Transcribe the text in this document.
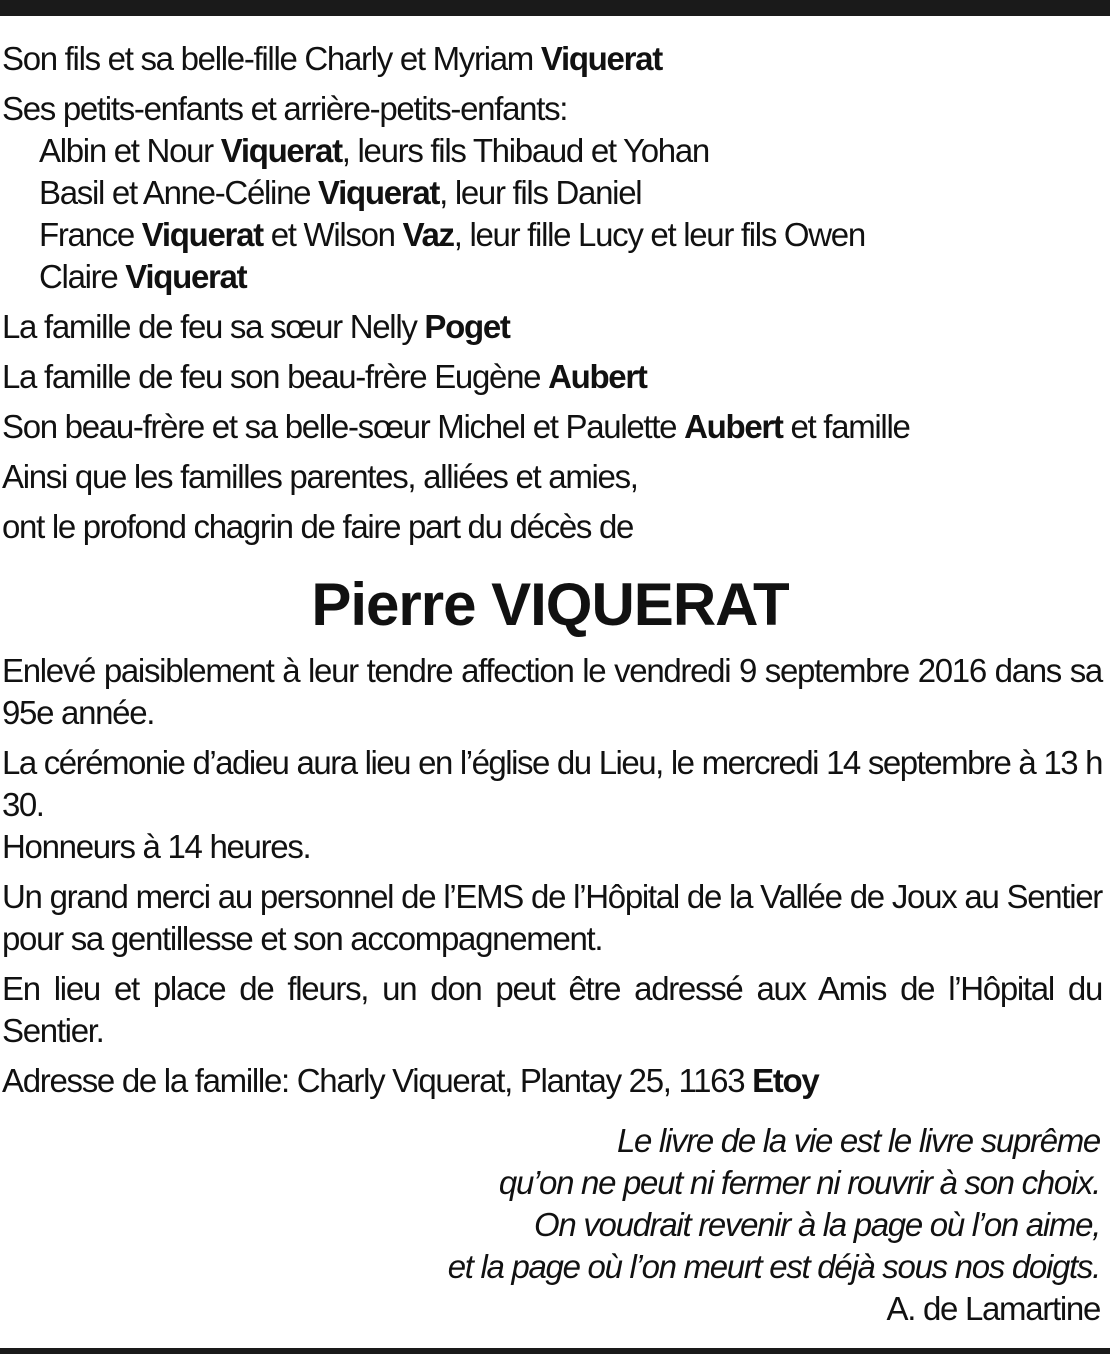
Son fils et sa belle-fille Charly et Myriam Viquerat
Ses petits-enfants et arrière-petits-enfants:
Albin et Nour Viquerat, leurs fils Thibaud et Yohan
Basil et Anne-Céline Viquerat, leur fils Daniel
France Viquerat et Wilson Vaz, leur fille Lucy et leur fils Owen
Claire Viquerat
La famille de feu sa sœur Nelly Poget
La famille de feu son beau-frère Eugène Aubert
Son beau-frère et sa belle-sœur Michel et Paulette Aubert et famille
Ainsi que les familles parentes, alliées et amies,
ont le profond chagrin de faire part du décès de
Pierre VIQUERAT
Enlevé paisiblement à leur tendre affection le vendredi 9 septembre 2016 dans sa 95e année.
La cérémonie d’adieu aura lieu en l’église du Lieu, le mercredi 14 septembre à 13 h 30.
Honneurs à 14 heures.
Un grand merci au personnel de l’EMS de l’Hôpital de la Vallée de Joux au Sentier pour sa gentillesse et son accompagnement.
En lieu et place de fleurs, un don peut être adressé aux Amis de l’Hôpital du Sentier.
Adresse de la famille: Charly Viquerat, Plantay 25, 1163 Etoy
Le livre de la vie est le livre suprême
qu’on ne peut ni fermer ni rouvrir à son choix.
On voudrait revenir à la page où l’on aime,
et la page où l’on meurt est déjà sous nos doigts.
A. de Lamartine
